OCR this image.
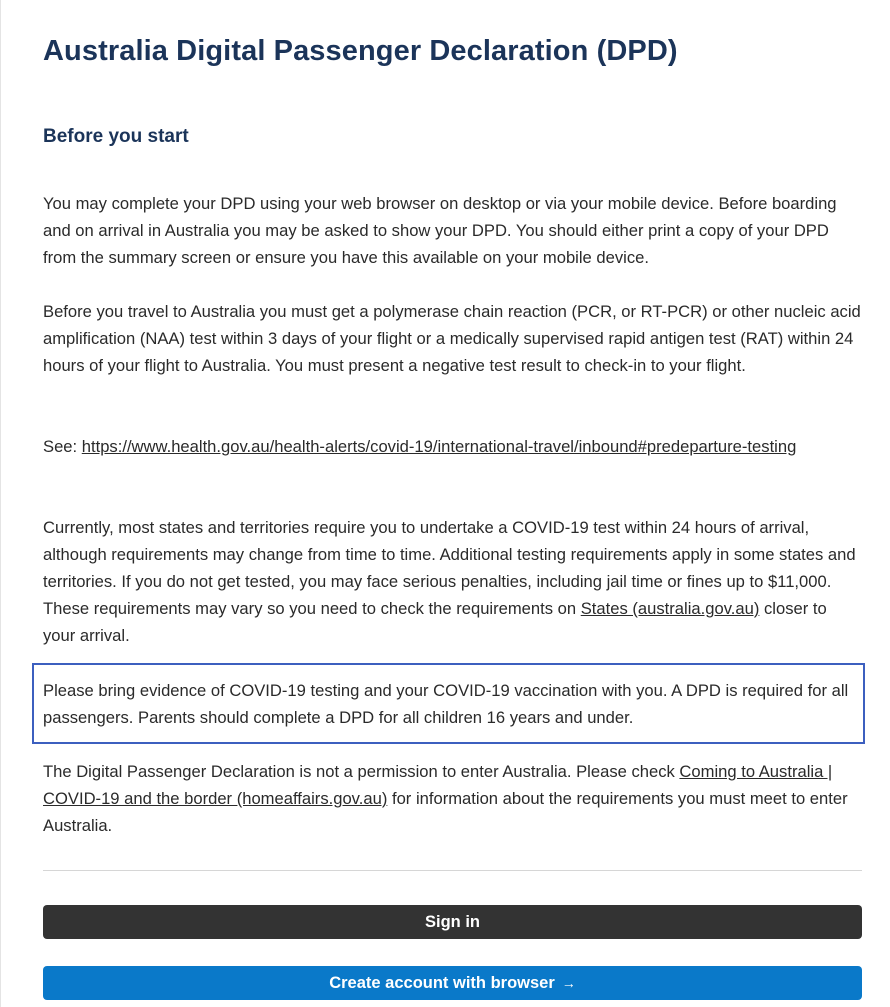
Australia Digital Passenger Declaration (DPD)
Before you start

You may complete your DPD using your web browser on desktop or via your mobile device. Before boarding and on arrival in Australia you may be asked to show your DPD. You should either print a copy of your DPD from the summary screen or ensure you have this available on your mobile device.

Before you travel to Australia you must get a polymerase chain reaction (PCR, or RT-PCR) or other nucleic acid amplification (NAA) test within 3 days of your flight or a medically supervised rapid antigen test (RAT) within 24 hours of your flight to Australia. You must present a negative test result to check-in to your flight.

See: https://www.health.gov.au/health-alerts/covid-19/international-travel/inbound#predeparture-testing

Currently, most states and territories require you to undertake a COVID-19 test within 24 hours of arrival, although requirements may change from time to time. Additional testing requirements apply in some states and territories. If you do not get tested, you may face serious penalties, including jail time or fines up to $11,000. These requirements may vary so you need to check the requirements on States (australia.gov.au) closer to your arrival.

Please bring evidence of COVID-19 testing and your COVID-19 vaccination with you. A DPD is required for all passengers. Parents should complete a DPD for all children 16 years and under.

The Digital Passenger Declaration is not a permission to enter Australia. Please check Coming to Australia | COVID-19 and the border (homeaffairs.gov.au) for information about the requirements you must meet to enter Australia.

Sign in
Create account with browser →
